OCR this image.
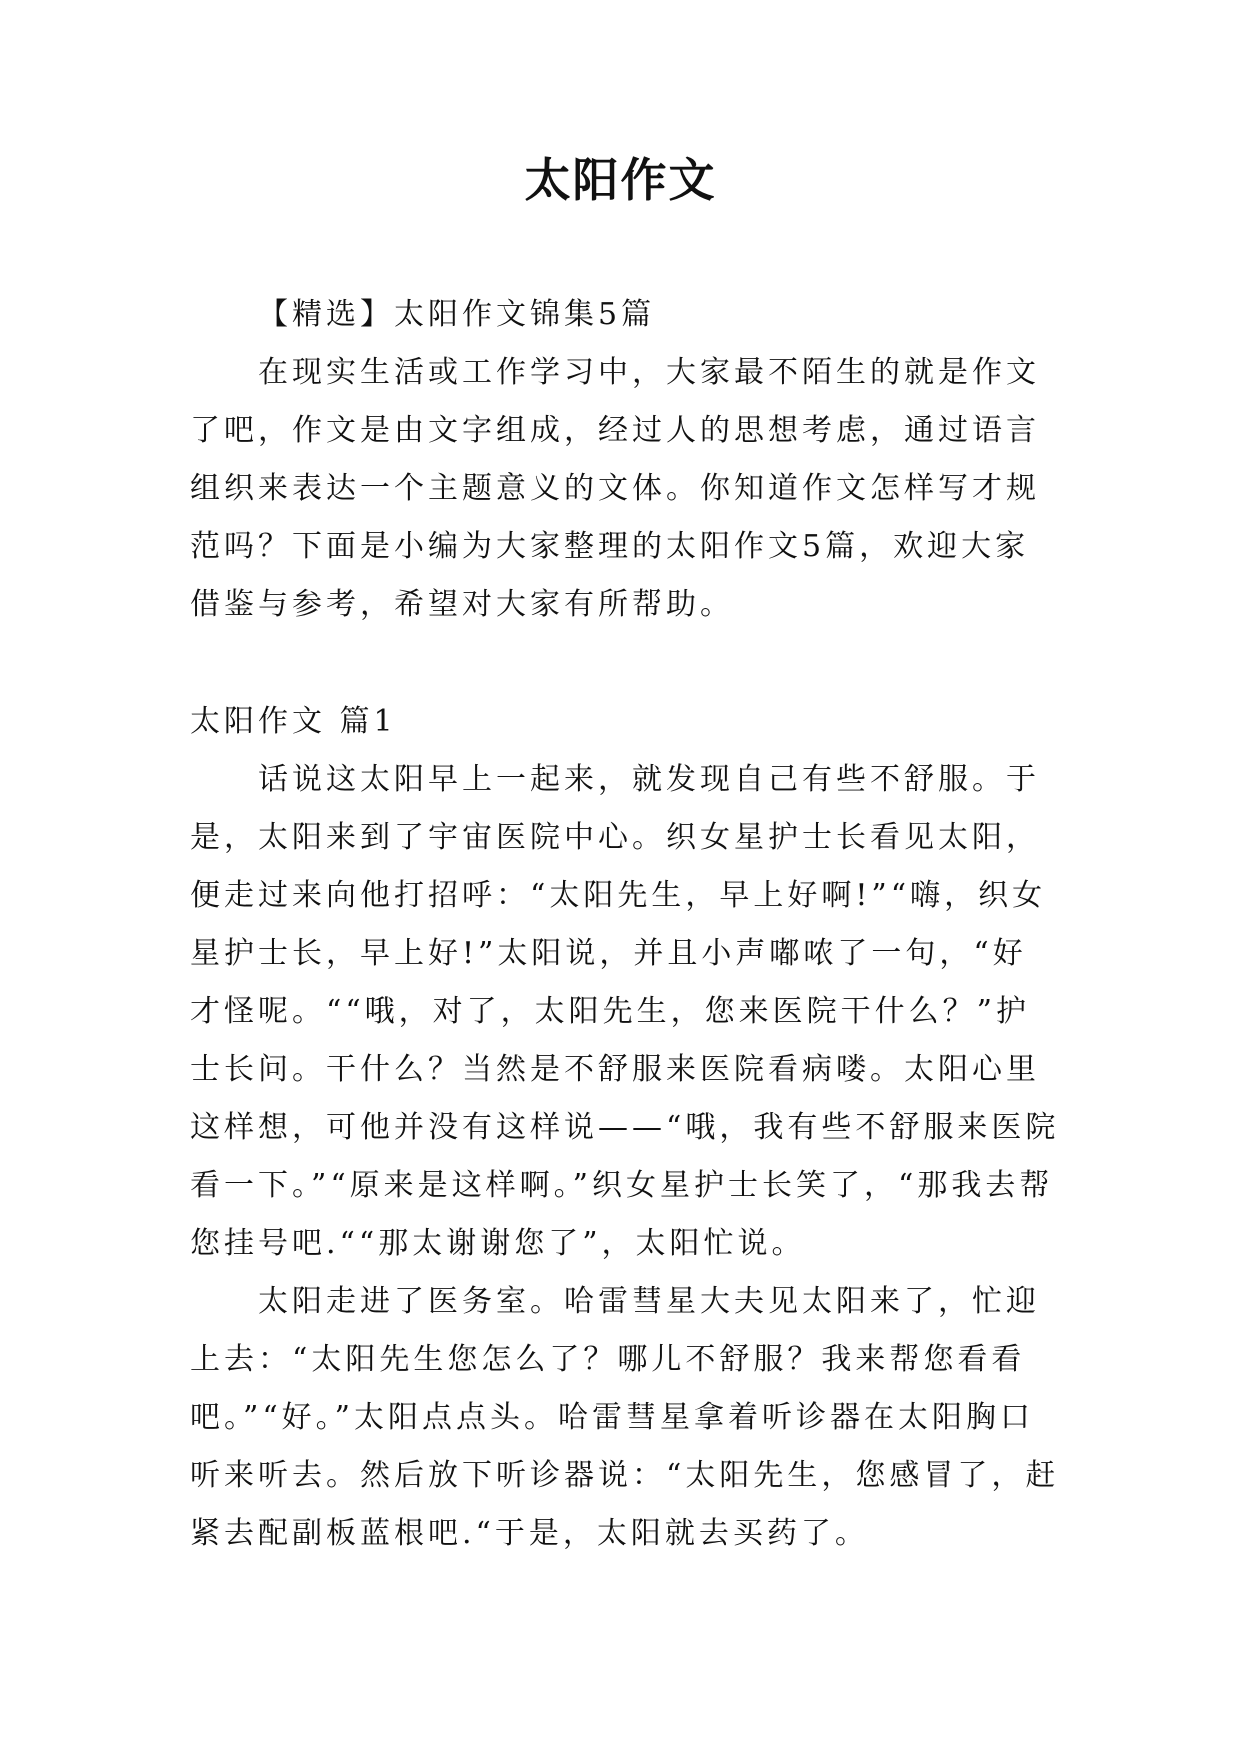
太阳作文

【精选】太阳作文锦集5篇

在现实生活或工作学习中，大家最不陌生的就是作文了吧，作文是由文字组成，经过人的思想考虑，通过语言组织来表达一个主题意义的文体。你知道作文怎样写才规范吗？下面是小编为大家整理的太阳作文5篇，欢迎大家借鉴与参考，希望对大家有所帮助。

太阳作文 篇1

话说这太阳早上一起来，就发现自己有些不舒服。于是，太阳来到了宇宙医院中心。织女星护士长看见太阳，便走过来向他打招呼：“太阳先生，早上好啊!”“嗨，织女星护士长，早上好!”太阳说，并且小声嘟哝了一句，“好才怪呢。““哦，对了，太阳先生，您来医院干什么？”护士长问。干什么？当然是不舒服来医院看病喽。太阳心里这样想，可他并没有这样说——“哦，我有些不舒服来医院看一下。”“原来是这样啊。”织女星护士长笑了，“那我去帮您挂号吧.““那太谢谢您了”，太阳忙说。

太阳走进了医务室。哈雷彗星大夫见太阳来了，忙迎上去：“太阳先生您怎么了？哪儿不舒服？我来帮您看看吧。”“好。”太阳点点头。哈雷彗星拿着听诊器在太阳胸口听来听去。然后放下听诊器说：“太阳先生，您感冒了，赶紧去配副板蓝根吧.“于是，太阳就去买药了。
